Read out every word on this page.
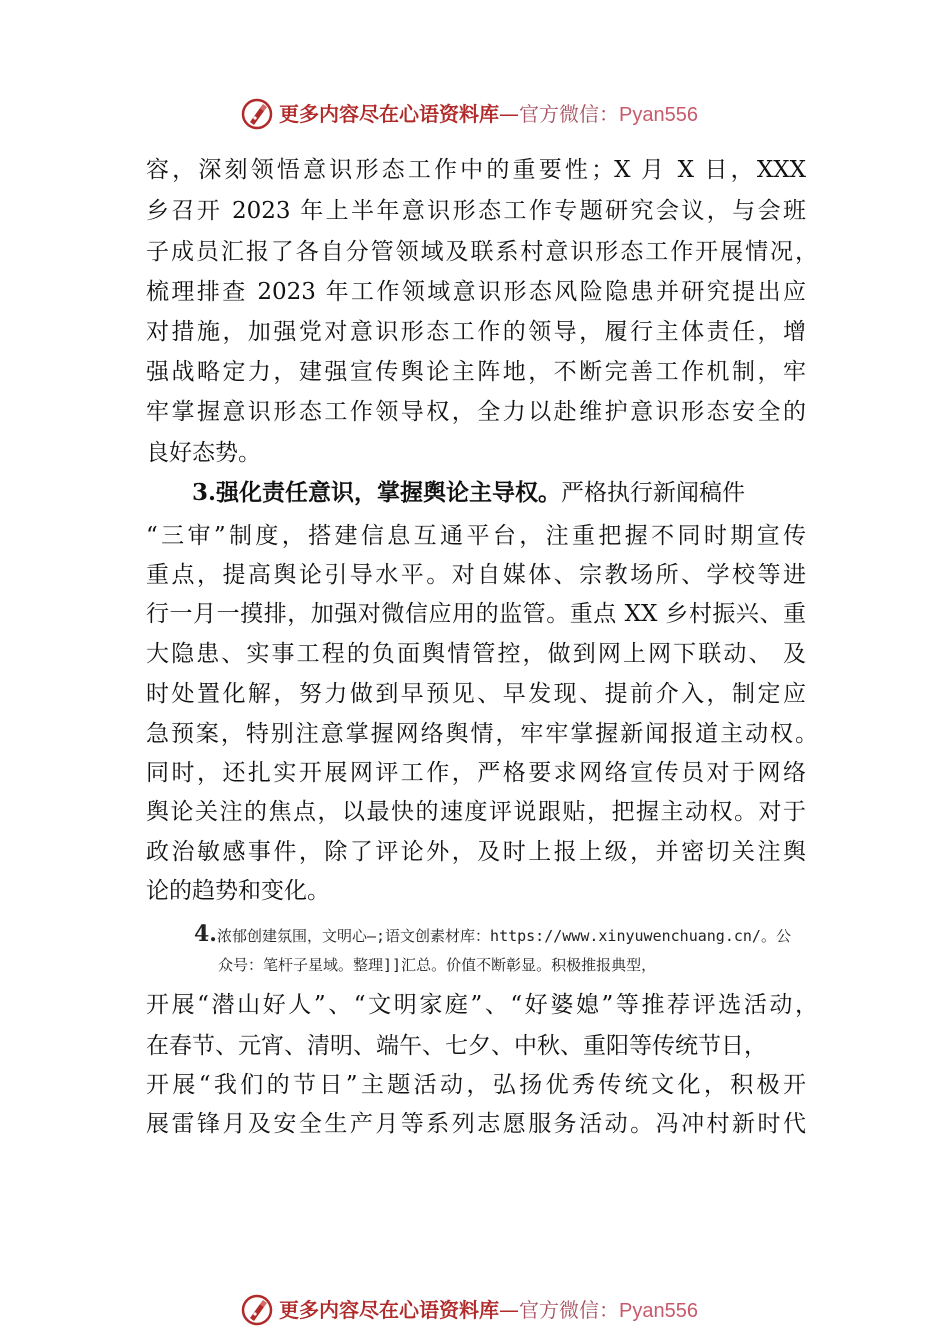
更多内容尽在心语资料库—官方微信：Pyan556
容，深刻领悟意识形态工作中的重要性；X 月 X 日，XXX
乡召开 2023 年上半年意识形态工作专题研究会议，与会班
子成员汇报了各自分管领域及联系村意识形态工作开展情况，
梳理排查 2023 年工作领域意识形态风险隐患并研究提出应
对措施，加强党对意识形态工作的领导，履行主体责任，增
强战略定力，建强宣传舆论主阵地，不断完善工作机制，牢
牢掌握意识形态工作领导权，全力以赴维护意识形态安全的
良好态势。
3.强化责任意识，掌握舆论主导权。严格执行新闻稿件
“三审”制度，搭建信息互通平台，注重把握不同时期宣传
重点，提高舆论引导水平。对自媒体、宗教场所、学校等进
行一月一摸排，加强对微信应用的监管。重点 XX 乡村振兴、重
大隐患、实事工程的负面舆情管控，做到网上网下联动、 及
时处置化解，努力做到早预见、早发现、提前介入，制定应
急预案，特别注意掌握网络舆情，牢牢掌握新闻报道主动权。
同时，还扎实开展网评工作，严格要求网络宣传员对于网络
舆论关注的焦点，以最快的速度评说跟贴，把握主动权。对于
政治敏感事件，除了评论外，及时上报上级，并密切关注舆
论的趋势和变化。
4.浓郁创建氛围，文明心—;语文创素材库：https://www.xinyuwenchuang.cn/。公
众号：笔杆子星域。整理]]汇总。价值不断彰显。积极推报典型，
开展“潜山好人”、“文明家庭”、“好婆媳”等推荐评选活动，
在春节、元宵、清明、端午、七夕、中秋、重阳等传统节日，
开展“我们的节日”主题活动，弘扬优秀传统文化，积极开
展雷锋月及安全生产月等系列志愿服务活动。冯冲村新时代
更多内容尽在心语资料库—官方微信：Pyan556
